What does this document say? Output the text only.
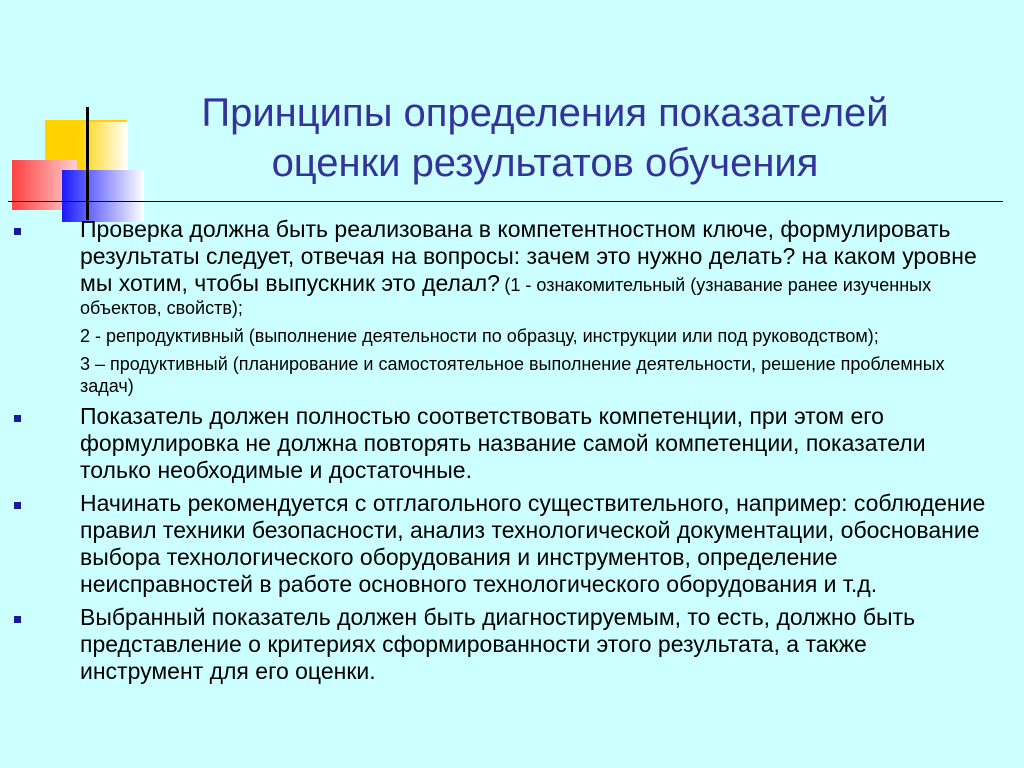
Принципы определения показателей
оценки результатов обучения
Проверка должна быть реализована в компетентностном ключе, формулировать результаты следует, отвечая на вопросы: зачем это нужно делать? на каком уровне мы хотим, чтобы выпускник это делал? (1 - ознакомительный (узнавание ранее изученных объектов, свойств);
2 - репродуктивный (выполнение деятельности по образцу, инструкции или под руководством);
3 – продуктивный (планирование и самостоятельное выполнение деятельности, решение проблемных задач)
Показатель должен полностью соответствовать компетенции, при этом его формулировка не должна повторять название самой компетенции, показатели только необходимые и достаточные.
Начинать рекомендуется с отглагольного существительного, например: соблюдение правил техники безопасности, анализ технологической документации, обоснование выбора технологического оборудования и инструментов, определение неисправностей в работе основного технологического оборудования и т.д.
Выбранный показатель должен быть диагностируемым, то есть, должно быть представление о критериях сформированности этого результата, а также инструмент для его оценки.
